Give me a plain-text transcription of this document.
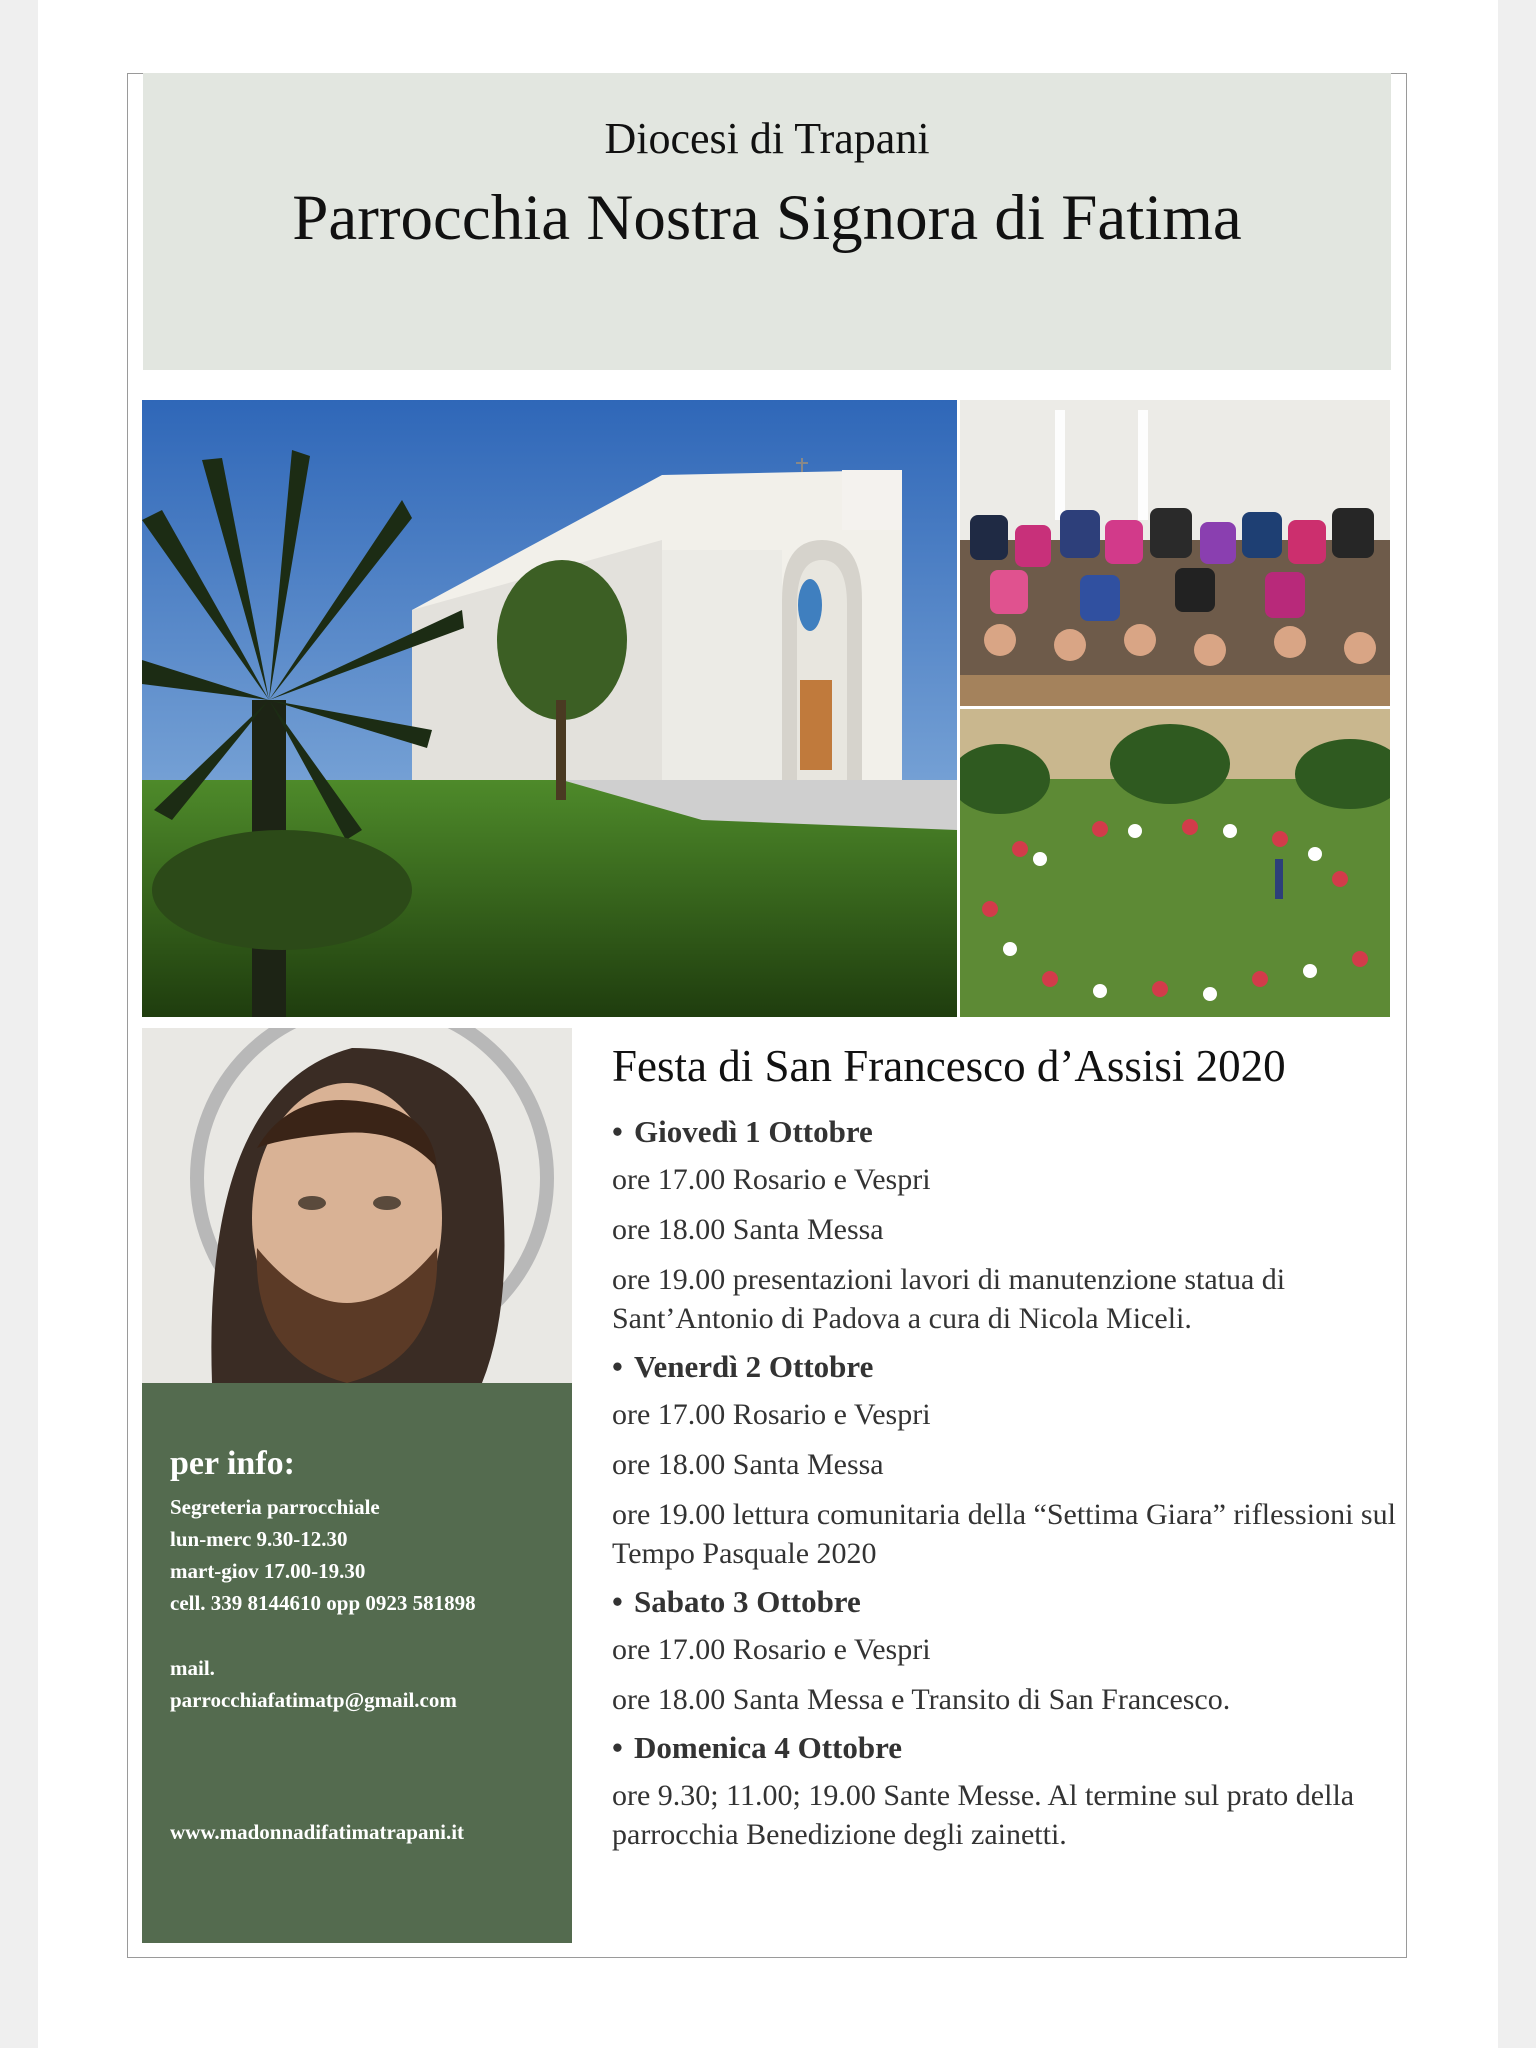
Diocesi di Trapani
Parrocchia Nostra Signora di Fatima
per info:
Segreteria parrocchiale
lun-merc 9.30-12.30
mart-giov 17.00-19.30
cell. 339 8144610 opp 0923 581898
mail.
parrocchiafatimatp@gmail.com
www.madonnadifatimatrapani.it
Festa di San Francesco d’Assisi 2020
• Giovedì 1 Ottobre
ore 17.00 Rosario e Vespri
ore 18.00 Santa Messa
ore 19.00 presentazioni lavori di manutenzione statua di Sant’Antonio di Padova a cura di Nicola Miceli.
• Venerdì 2 Ottobre
ore 17.00 Rosario e Vespri
ore 18.00 Santa Messa
ore 19.00 lettura comunitaria della “Settima Giara” riflessioni sul Tempo Pasquale 2020
• Sabato 3 Ottobre
ore 17.00 Rosario e Vespri
ore 18.00 Santa Messa e Transito di San Francesco.
• Domenica 4 Ottobre
ore 9.30; 11.00; 19.00 Sante Messe. Al termine sul prato della parrocchia Benedizione degli zainetti.
